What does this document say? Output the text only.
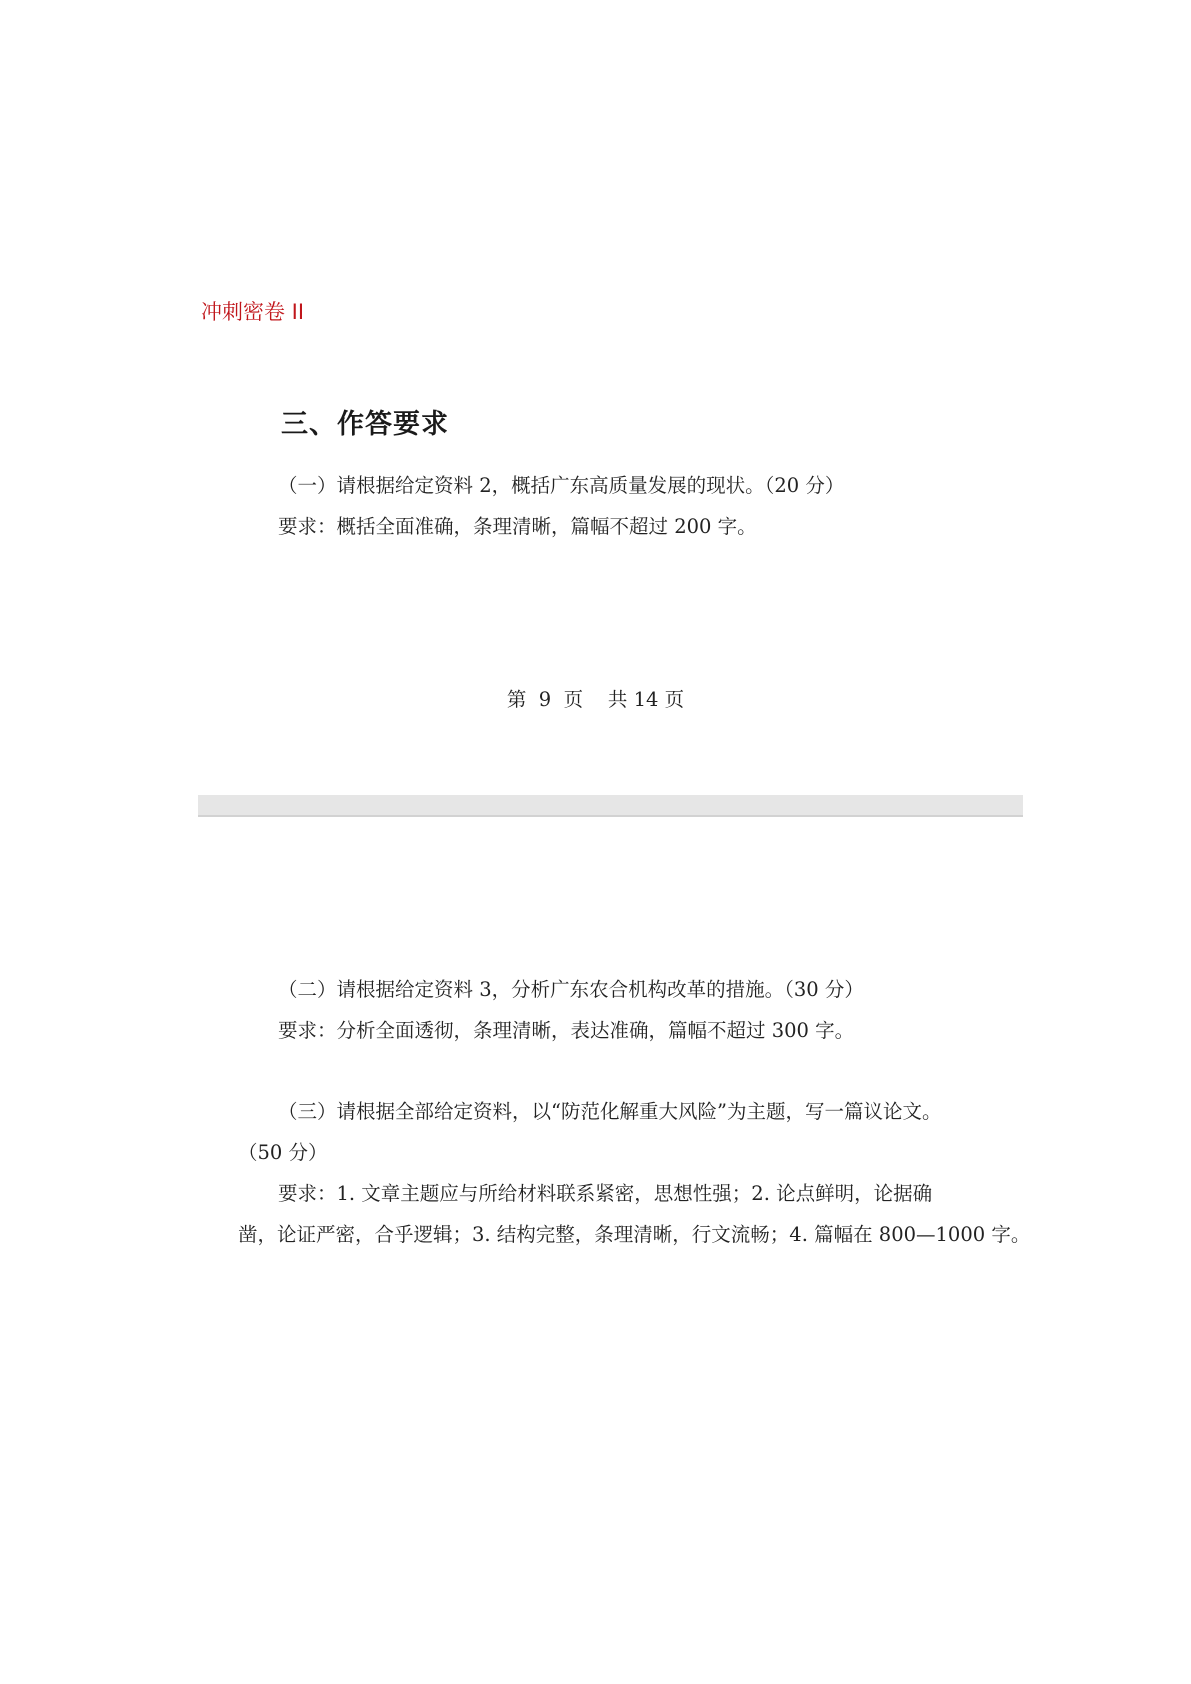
冲刺密卷 II
三、作答要求
（一）请根据给定资料 2，概括广东高质量发展的现状。（20 分）
要求：概括全面准确，条理清晰，篇幅不超过 200 字。
第  9  页    共 14 页
（二）请根据给定资料 3，分析广东农合机构改革的措施。（30 分）
要求：分析全面透彻，条理清晰，表达准确，篇幅不超过 300 字。
（三）请根据全部给定资料，以“防范化解重大风险”为主题，写一篇议论文。
（50 分）
要求：1. 文章主题应与所给材料联系紧密，思想性强；2. 论点鲜明，论据确
凿，论证严密，合乎逻辑；3. 结构完整，条理清晰，行文流畅；4. 篇幅在 800—1000 字。
